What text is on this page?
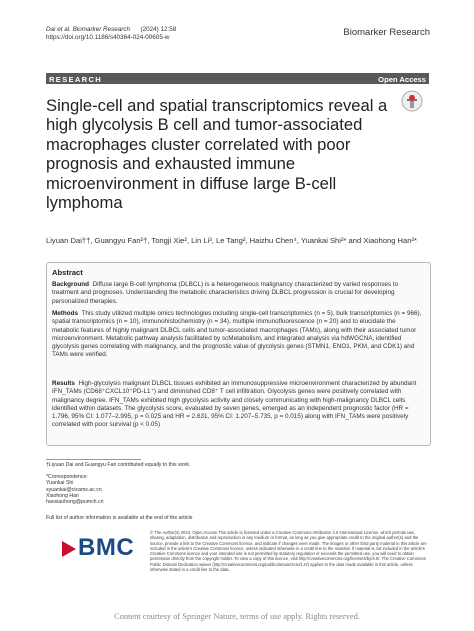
Dai et al. Biomarker Research (2024) 12:58
https://doi.org/10.1186/s40364-024-00605-w	Biomarker Research
RESEARCH	Open Access
Single-cell and spatial transcriptomics reveal a high glycolysis B cell and tumor-associated macrophages cluster correlated with poor prognosis and exhausted immune microenvironment in diffuse large B-cell lymphoma
Liyuan Dai††, Guangyu Fan²†, Tongji Xie², Lin Li³, Le Tang², Haizhu Chen⁴, Yuankai Shi²* and Xiaohong Han²*
Abstract

Background Diffuse large B-cell lymphoma (DLBCL) is a heterogeneous malignancy characterized by varied responses to treatment and prognoses. Understanding the metabolic characteristics driving DLBCL progression is crucial for developing personalized therapies.

Methods This study utilized multiple omics technologies including single-cell transcriptomics (n = 5), bulk transcriptomics (n = 966), spatial transcriptomics (n = 10), immunohistochemistry (n = 34), multiple immunofluorescence (n = 20) and to elucidate the metabolic features of highly malignant DLBCL cells and tumor-associated macrophages (TAMs), along with their associated tumor microenvironment. Metabolic pathway analysis facilitated by scMetabolism, and integrated analysis via hdWGCNA, identified glycolysis genes correlating with malignancy, and the prognostic value of glycolysis genes (STMN1, ENO1, PKM, and CDK1) and TAMs were verified.

Results High-glycolysis malignant DLBCL tissues exhibited an immunosuppressive microenvironment characterized by abundant IFN_TAMs (CD68⁺CXCL10⁺PD-L1⁺) and diminished CD8⁺ T cell infiltration. Glycolysis genes were positively correlated with malignancy degree. IFN_TAMs exhibited high glycolysis activity and closely communicating with high-malignancy DLBCL cells identified within datasets. The glycolysis score, evaluated by seven genes, emerged as an independent prognostic factor (HR = 1.796, 95% CI: 1.077–2.995, p = 0.025 and HR = 2.631, 95% CI: 1.207–5.735, p = 0.015) along with IFN_TAMs were positively correlated with poor survival (p < 0.05)

†Liyuan Dai and Guangyu Fan contributed equally to this work.
*Correspondence:
Yuankai Shi
syuankai@cicams.ac.cn
Xiaohong Han
hanxiaohong@pumch.cn
Full list of author information is available at the end of the article
BMC
© The Author(s) 2024. Open Access This article is licensed under a Creative Commons Attribution 4.0 International License, which permits use, sharing, adaptation, distribution and reproduction in any medium or format, as long as you give appropriate credit to the original author(s) and the source, provide a link to the Creative Commons licence, and indicate if changes were made. The images or other third party material in this article are included in the article's Creative Commons licence, unless indicated otherwise in a credit line to the material. If material is not included in the article's Creative Commons licence and your intended use is not permitted by statutory regulation or exceeds the permitted use, you will need to obtain permission directly from the copyright holder. To view a copy of this licence, visit http://creativecommons.org/licenses/by/4.0/. The Creative Commons Public Domain Dedication waiver (http://creativecommons.org/publicdomain/zero/1.0/) applies to the data made available in this article, unless otherwise stated in a credit line to the data.
Content courtesy of Springer Nature, terms of use apply. Rights reserved.
